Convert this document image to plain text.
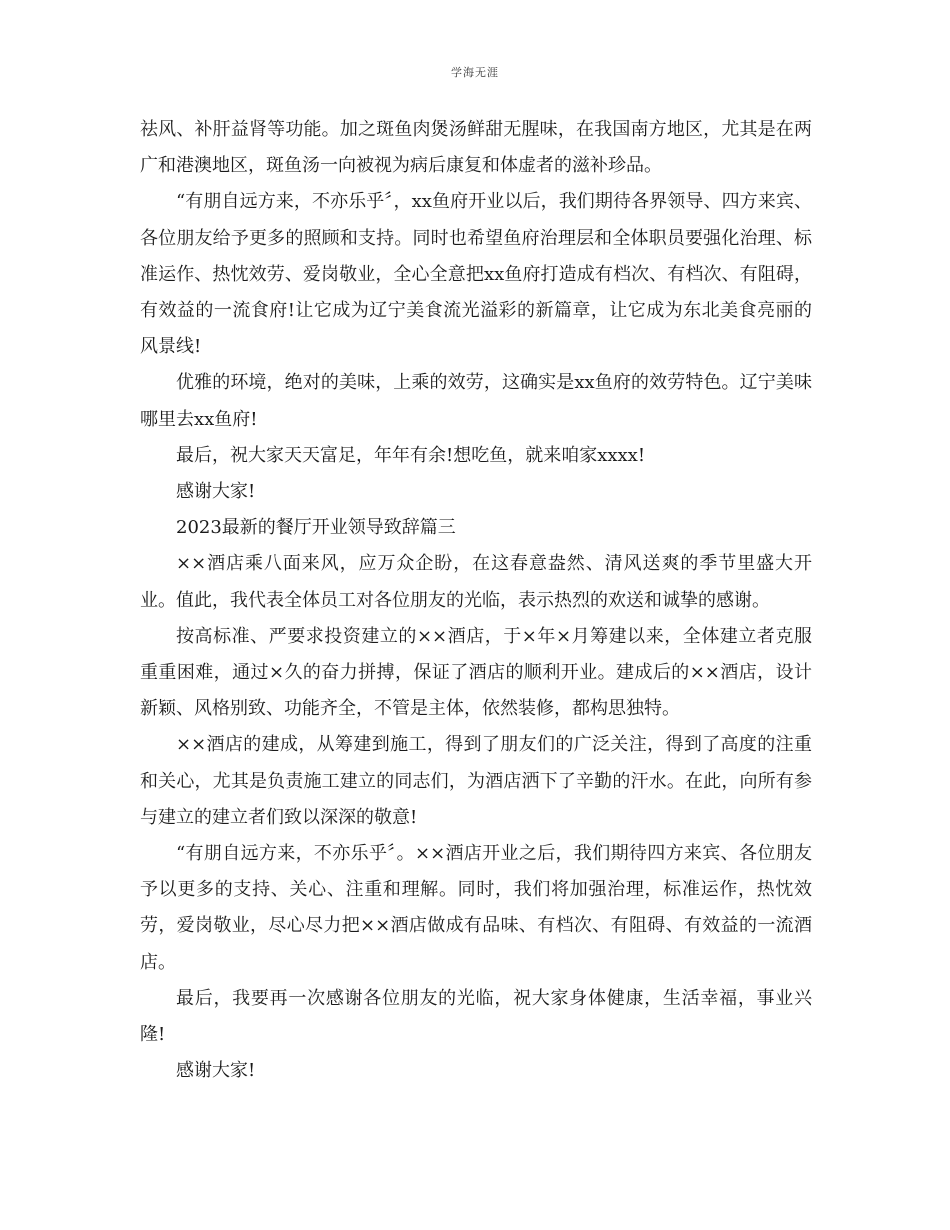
学海无涯

祛风、补肝益肾等功能。加之斑鱼肉煲汤鲜甜无腥味，在我国南方地区，尤其是在两广和港澳地区，斑鱼汤一向被视为病后康复和体虚者的滋补珍品。

“有朋自远方来，不亦乐乎〞，xx鱼府开业以后，我们期待各界领导、四方来宾、各位朋友给予更多的照顾和支持。同时也希望鱼府治理层和全体职员要强化治理、标准运作、热忱效劳、爱岗敬业，全心全意把xx鱼府打造成有档次、有档次、有阻碍，有效益的一流食府!让它成为辽宁美食流光溢彩的新篇章，让它成为东北美食亮丽的风景线!

优雅的环境，绝对的美味，上乘的效劳，这确实是xx鱼府的效劳特色。辽宁美味哪里去xx鱼府!

最后，祝大家天天富足，年年有余!想吃鱼，就来咱家xxxx!

感谢大家!

2023最新的餐厅开业领导致辞篇三

××酒店乘八面来风，应万众企盼，在这春意盎然、清风送爽的季节里盛大开业。值此，我代表全体员工对各位朋友的光临，表示热烈的欢送和诚挚的感谢。

按高标准、严要求投资建立的××酒店，于×年×月筹建以来，全体建立者克服重重困难，通过×久的奋力拼搏，保证了酒店的顺利开业。建成后的××酒店，设计新颖、风格别致、功能齐全，不管是主体，依然装修，都构思独特。

××酒店的建成，从筹建到施工，得到了朋友们的广泛关注，得到了高度的注重和关心，尤其是负责施工建立的同志们，为酒店洒下了辛勤的汗水。在此，向所有参与建立的建立者们致以深深的敬意!

“有朋自远方来，不亦乐乎〞。××酒店开业之后，我们期待四方来宾、各位朋友予以更多的支持、关心、注重和理解。同时，我们将加强治理，标准运作，热忱效劳，爱岗敬业，尽心尽力把××酒店做成有品味、有档次、有阻碍、有效益的一流酒店。

最后，我要再一次感谢各位朋友的光临，祝大家身体健康，生活幸福，事业兴隆!

感谢大家!
